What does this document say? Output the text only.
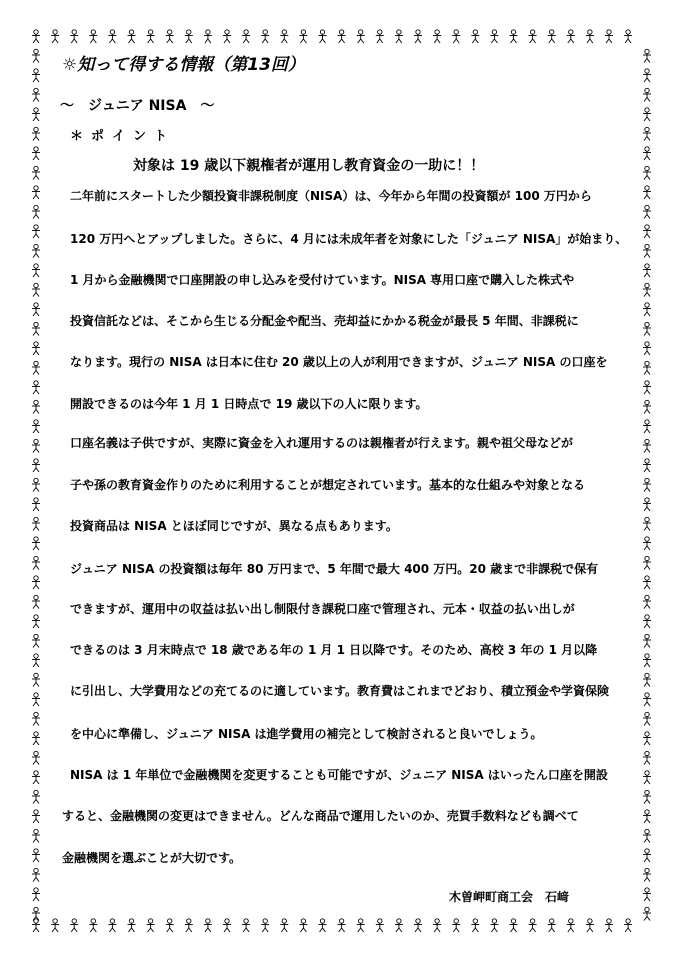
☼知って得する情報（第13回）
～　ジュニア NISA　～
＊ポイント
対象は 19 歳以下親権者が運用し教育資金の一助に！！
二年前にスタートした少額投資非課税制度（NISA）は、今年から年間の投資額が 100 万円から
120 万円へとアップしました。さらに、4 月には未成年者を対象にした「ジュニア NISA」が始まり、
1 月から金融機関で口座開設の申し込みを受付けています。NISA 専用口座で購入した株式や
投資信託などは、そこから生じる分配金や配当、売却益にかかる税金が最長 5 年間、非課税に
なります。現行の NISA は日本に住む 20 歳以上の人が利用できますが、ジュニア NISA の口座を
開設できるのは今年 1 月 1 日時点で 19 歳以下の人に限ります。
口座名義は子供ですが、実際に資金を入れ運用するのは親権者が行えます。親や祖父母などが
子や孫の教育資金作りのために利用することが想定されています。基本的な仕組みや対象となる
投資商品は NISA とほぼ同じですが、異なる点もあります。
ジュニア NISA の投資額は毎年 80 万円まで、5 年間で最大 400 万円。20 歳まで非課税で保有
できますが、運用中の収益は払い出し制限付き課税口座で管理され、元本・収益の払い出しが
できるのは 3 月末時点で 18 歳である年の 1 月 1 日以降です。そのため、高校 3 年の 1 月以降
に引出し、大学費用などの充てるのに適しています。教育費はこれまでどおり、積立預金や学資保険
を中心に準備し、ジュニア NISA は進学費用の補完として検討されると良いでしょう。
NISA は 1 年単位で金融機関を変更することも可能ですが、ジュニア NISA はいったん口座を開設
すると、金融機関の変更はできません。どんな商品で運用したいのか、売買手数料なども調べて
金融機関を選ぶことが大切です。
木曽岬町商工会　石﨑
